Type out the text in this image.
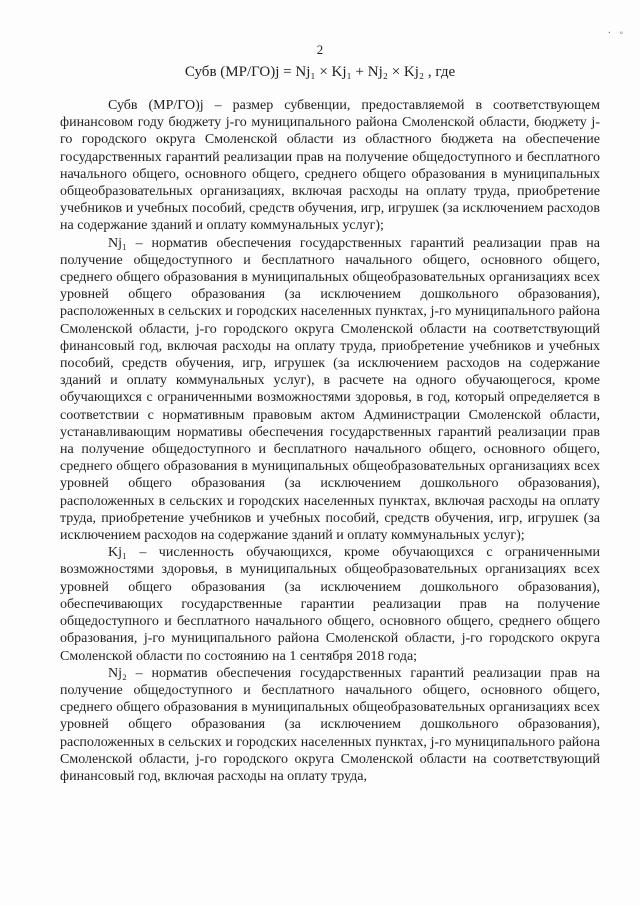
· ◦
2
Субв (МР/ГО)j = Nj₁ × Kj₁ + Nj₂ × Kj₂ , где

Субв (МР/ГО)j – размер субвенции, предоставляемой в соответствующем финансовом году бюджету j-го муниципального района Смоленской области, бюджету j-го городского округа Смоленской области из областного бюджета на обеспечение государственных гарантий реализации прав на получение общедоступного и бесплатного начального общего, основного общего, среднего общего образования в муниципальных общеобразовательных организациях, включая расходы на оплату труда, приобретение учебников и учебных пособий, средств обучения, игр, игрушек (за исключением расходов на содержание зданий и оплату коммунальных услуг);

Nj₁ – норматив обеспечения государственных гарантий реализации прав на получение общедоступного и бесплатного начального общего, основного общего, среднего общего образования в муниципальных общеобразовательных организациях всех уровней общего образования (за исключением дошкольного образования), расположенных в сельских и городских населенных пунктах, j-го муниципального района Смоленской области, j-го городского округа Смоленской области на соответствующий финансовый год, включая расходы на оплату труда, приобретение учебников и учебных пособий, средств обучения, игр, игрушек (за исключением расходов на содержание зданий и оплату коммунальных услуг), в расчете на одного обучающегося, кроме обучающихся с ограниченными возможностями здоровья, в год, который определяется в соответствии с нормативным правовым актом Администрации Смоленской области, устанавливающим нормативы обеспечения государственных гарантий реализации прав на получение общедоступного и бесплатного начального общего, основного общего, среднего общего образования в муниципальных общеобразовательных организациях всех уровней общего образования (за исключением дошкольного образования), расположенных в сельских и городских населенных пунктах, включая расходы на оплату труда, приобретение учебников и учебных пособий, средств обучения, игр, игрушек (за исключением расходов на содержание зданий и оплату коммунальных услуг);

Kj₁ – численность обучающихся, кроме обучающихся с ограниченными возможностями здоровья, в муниципальных общеобразовательных организациях всех уровней общего образования (за исключением дошкольного образования), обеспечивающих государственные гарантии реализации прав на получение общедоступного и бесплатного начального общего, основного общего, среднего общего образования, j-го муниципального района Смоленской области, j-го городского округа Смоленской области по состоянию на 1 сентября 2018 года;

Nj₂ – норматив обеспечения государственных гарантий реализации прав на получение общедоступного и бесплатного начального общего, основного общего, среднего общего образования в муниципальных общеобразовательных организациях всех уровней общего образования (за исключением дошкольного образования), расположенных в сельских и городских населенных пунктах, j-го муниципального района Смоленской области, j-го городского округа Смоленской области на соответствующий финансовый год, включая расходы на оплату труда,
